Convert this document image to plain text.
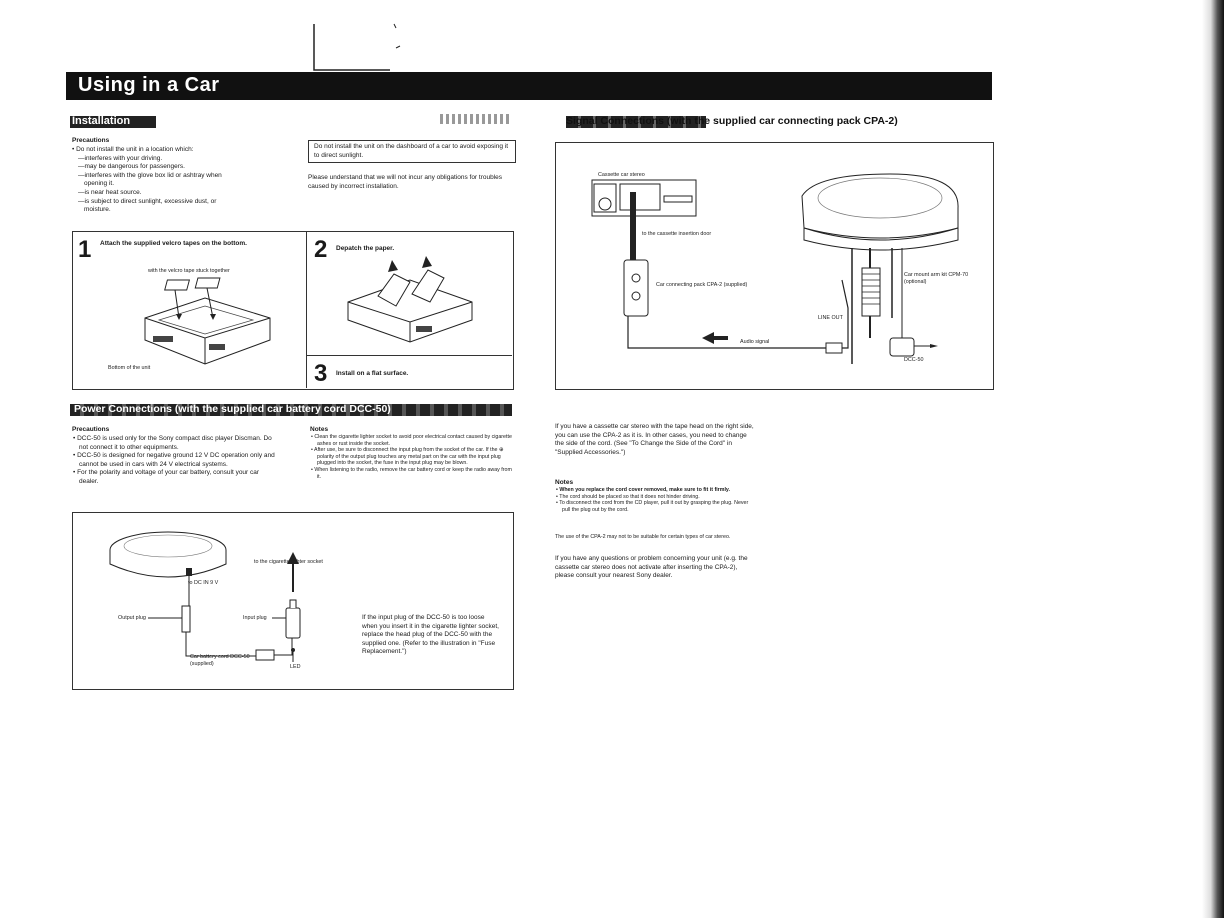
Using in a Car
Installation
Precautions
• Do not install the unit in a location which:
—interferes with your driving.
—may be dangerous for passengers.
—interferes with the glove box lid or ashtray when
opening it.
—is near heat source.
—is subject to direct sunlight, excessive dust, or
moisture.
Do not install the unit on the dashboard of a car to avoid exposing it to direct sunlight.
Please understand that we will not incur any obligations for troubles caused by incorrect installation.
1 Attach the supplied velcro tapes on the bottom.
with the velcro tape stuck together
Bottom of the unit
2 Depatch the paper.
3 Install on a flat surface.
Power Connections (with the supplied car battery cord DCC-50)
Precautions
• DCC-50 is used only for the Sony compact disc player Discman. Do not connect it to other equipments.
• DCC-50 is designed for negative ground 12 V DC operation only and cannot be used in cars with 24 V electrical systems.
• For the polarity and voltage of your car battery, consult your car dealer.
Notes
• Clean the cigarette lighter socket to avoid poor electrical contact caused by cigarette ashes or rust inside the socket.
• After use, be sure to disconnect the input plug from the socket of the car. If the ⊕ polarity of the output plug touches any metal part on the car with the input plug plugged into the socket, the fuse in the input plug may be blown.
• When listening to the radio, remove the car battery cord or keep the radio away from it.
to DC IN 9 V
to the cigarette lighter socket
Output plug	Input plug
Car battery cord DCC-50 (supplied)
LED
If the input plug of the DCC-50 is too loose when you insert it in the cigarette lighter socket, replace the head plug of the DCC-50 with the supplied one. (Refer to the illustration in "Fuse Replacement.")
Signal Connections (with the supplied car connecting pack CPA-2)
Cassette car stereo
to the cassette insertion door
Car connecting pack CPA-2 (supplied)
Car mount arm kit CPM-70 (optional)
LINE OUT
Audio signal
DCC-50
If you have a cassette car stereo with the tape head on the right side, you can use the CPA-2 as it is. In other cases, you need to change the side of the cord. (See "To Change the Side of the Cord" in "Supplied Accessories.")
Notes
• When you replace the cord cover removed, make sure to fit it firmly.
• The cord should be placed so that it does not hinder driving.
• To disconnect the cord from the CD player, pull it out by grasping the plug. Never pull the plug out by the cord.
The use of the CPA-2 may not to be suitable for certain types of car stereo.
If you have any questions or problem concerning your unit (e.g. the cassette car stereo does not activate after inserting the CPA-2), please consult your nearest Sony dealer.
